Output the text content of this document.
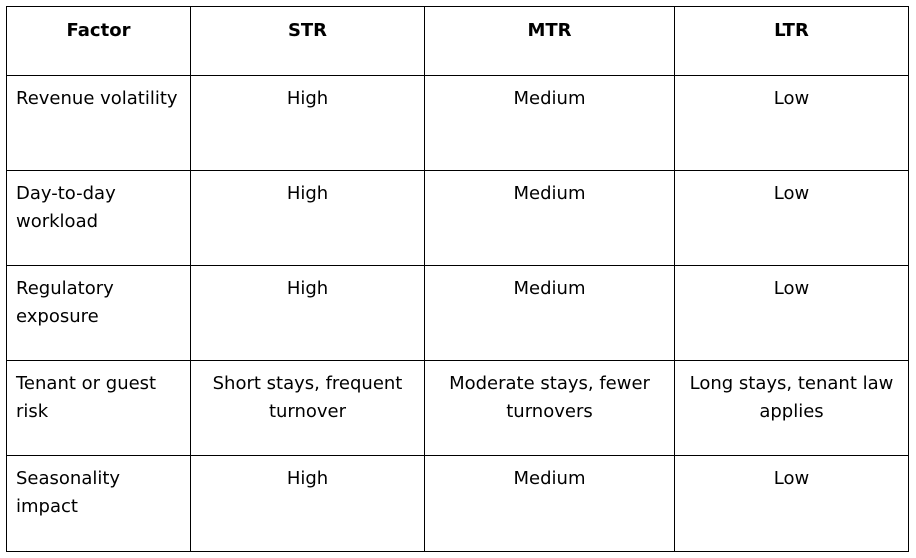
Factor	STR	MTR	LTR
Revenue volatility	High	Medium	Low
Day-to-day workload	High	Medium	Low
Regulatory exposure	High	Medium	Low
Tenant or guest risk	Short stays, frequent turnover	Moderate stays, fewer turnovers	Long stays, tenant law applies
Seasonality impact	High	Medium	Low
